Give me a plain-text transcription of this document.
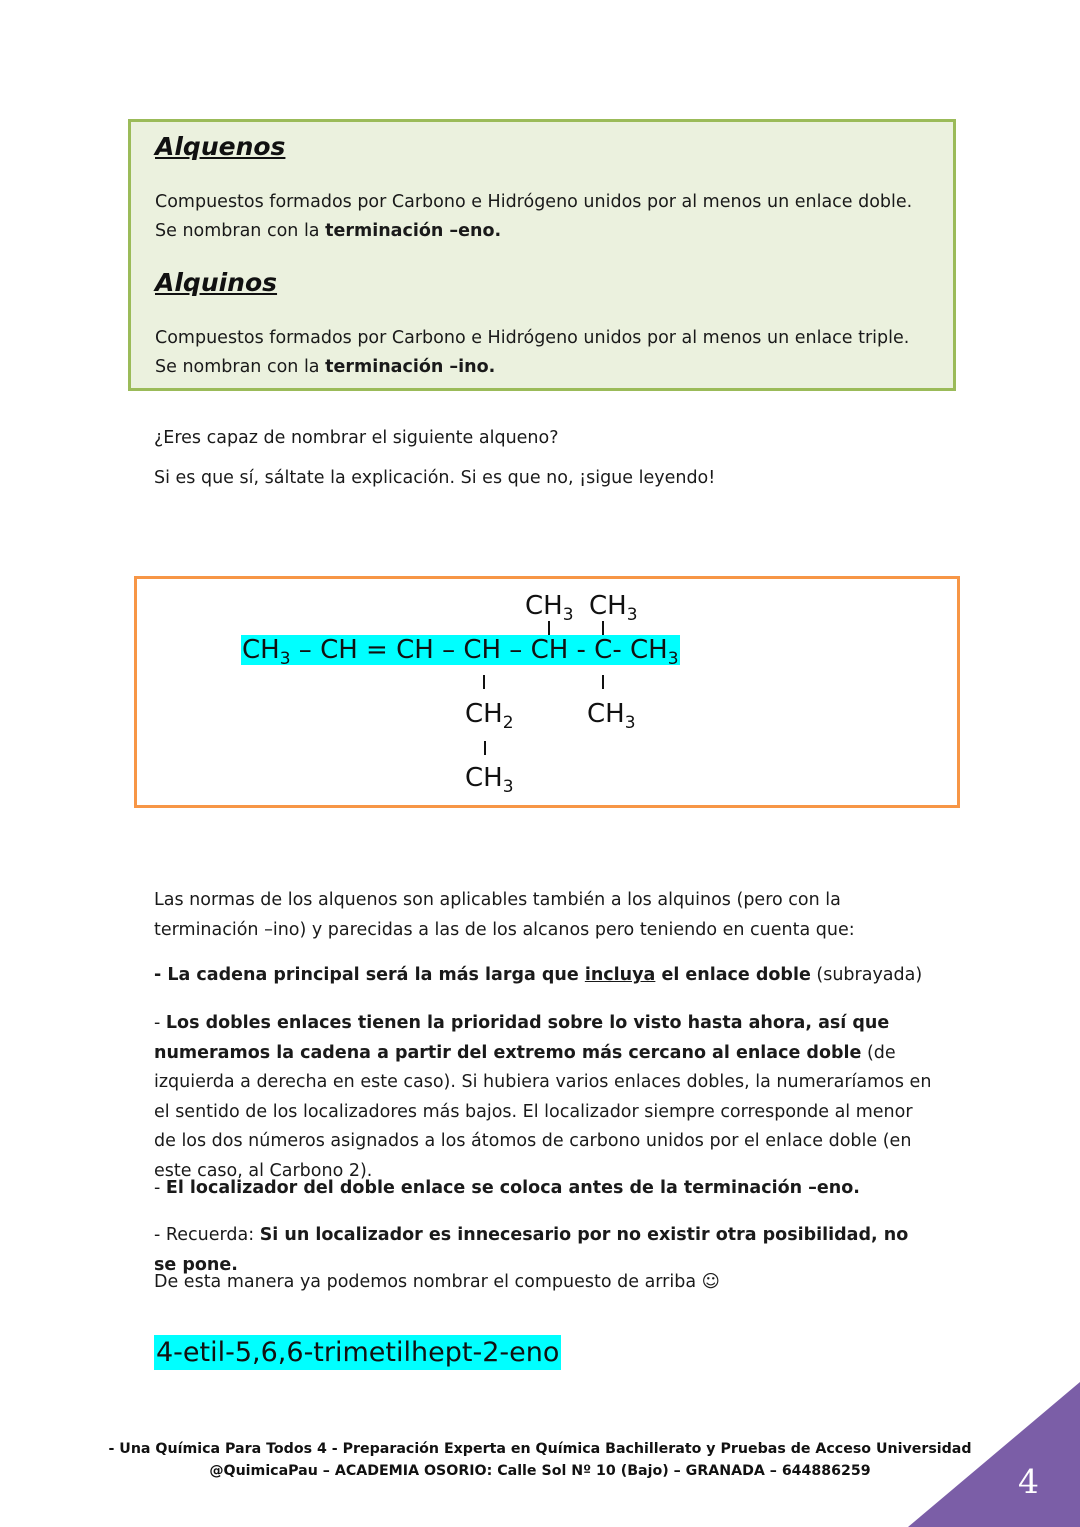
Alquenos
Compuestos formados por Carbono e Hidrógeno unidos por al menos un enlace doble.
Se nombran con la terminación –eno.
Alquinos
Compuestos formados por Carbono e Hidrógeno unidos por al menos un enlace triple.
Se nombran con la terminación –ino.
¿Eres capaz de nombrar el siguiente alqueno?
Si es que sí, sáltate la explicación. Si es que no, ¡sigue leyendo!
$CH_3$ $CH_3$
$CH_3$ – CH = CH – CH – CH - C- $CH_3$
$CH_2$	$CH_3$
$CH_3$
Las normas de los alquenos son aplicables también a los alquinos (pero con la terminación –ino) y parecidas a las de los alcanos pero teniendo en cuenta que:
- La cadena principal será la más larga que incluya el enlace doble (subrayada)
- Los dobles enlaces tienen la prioridad sobre lo visto hasta ahora, así que numeramos la cadena a partir del extremo más cercano al enlace doble (de izquierda a derecha en este caso). Si hubiera varios enlaces dobles, la numeraríamos en el sentido de los localizadores más bajos. El localizador siempre corresponde al menor de los dos números asignados a los átomos de carbono unidos por el enlace doble (en este caso, al Carbono 2).
- El localizador del doble enlace se coloca antes de la terminación –eno.
- Recuerda: Si un localizador es innecesario por no existir otra posibilidad, no se pone.
De esta manera ya podemos nombrar el compuesto de arriba ☺
4-etil-5,6,6-trimetilhept-2-eno
- Una Química Para Todos 4 - Preparación Experta en Química Bachillerato y Pruebas de Acceso Universidad
@QuimicaPau – ACADEMIA OSORIO: Calle Sol Nº 10 (Bajo) – GRANADA – 644886259	4
